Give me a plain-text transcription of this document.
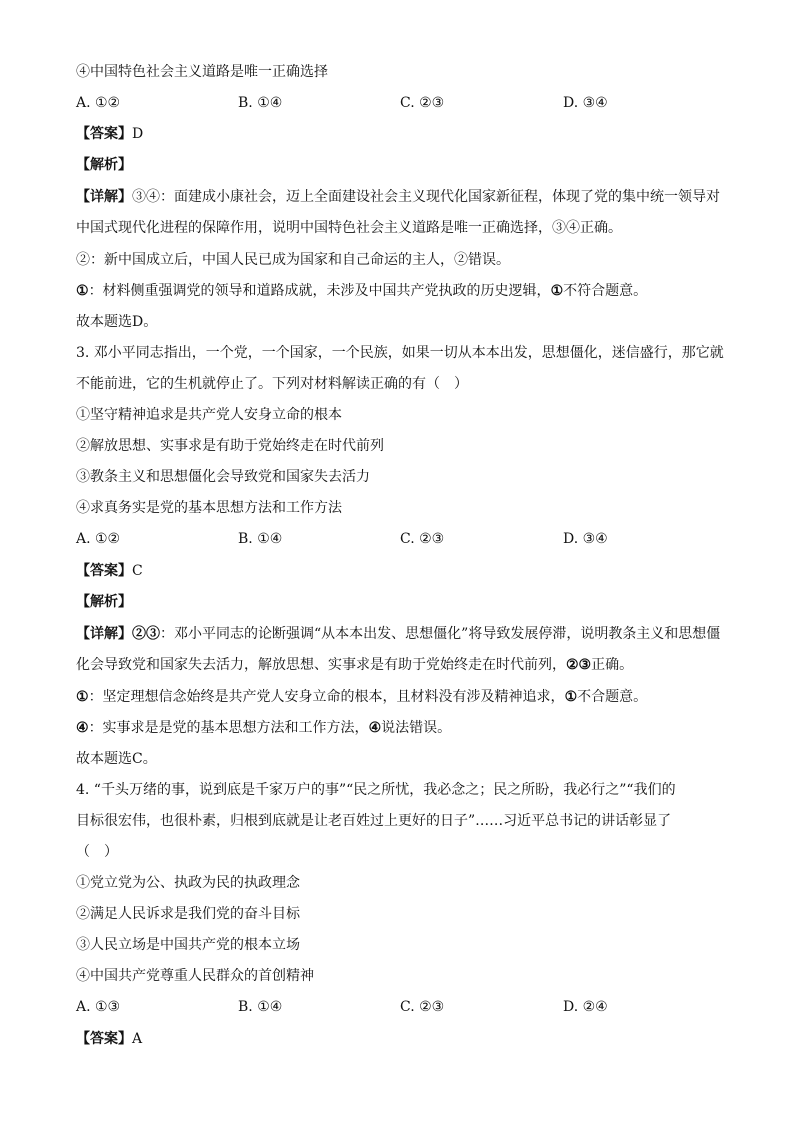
④中国特色社会主义道路是唯一正确选择
A. ①②	B. ①④	C. ②③	D. ③④
【答案】D
【解析】
【详解】③④：面建成小康社会，迈上全面建设社会主义现代化国家新征程，体现了党的集中统一领导对
中国式现代化进程的保障作用，说明中国特色社会主义道路是唯一正确选择，③④正确。
②：新中国成立后，中国人民已成为国家和自己命运的主人，②错误。
①：材料侧重强调党的领导和道路成就，未涉及中国共产党执政的历史逻辑，①不符合题意。
故本题选D。
3. 邓小平同志指出，一个党，一个国家，一个民族，如果一切从本本出发，思想僵化，迷信盛行，那它就
不能前进，它的生机就停止了。下列对材料解读正确的有（　）
①坚守精神追求是共产党人安身立命的根本
②解放思想、实事求是有助于党始终走在时代前列
③教条主义和思想僵化会导致党和国家失去活力
④求真务实是党的基本思想方法和工作方法
A. ①②	B. ①④	C. ②③	D. ③④
【答案】C
【解析】
【详解】②③：邓小平同志的论断强调“从本本出发、思想僵化”将导致发展停滞，说明教条主义和思想僵
化会导致党和国家失去活力，解放思想、实事求是有助于党始终走在时代前列，②③正确。
①：坚定理想信念始终是共产党人安身立命的根本，且材料没有涉及精神追求，①不合题意。
④：实事求是是党的基本思想方法和工作方法，④说法错误。
故本题选C。
4. “千头万绪的事，说到底是千家万户的事”“民之所忧，我必念之；民之所盼，我必行之”“我们的
目标很宏伟，也很朴素，归根到底就是让老百姓过上更好的日子”……习近平总书记的讲话彰显了
（　）
①党立党为公、执政为民的执政理念
②满足人民诉求是我们党的奋斗目标
③人民立场是中国共产党的根本立场
④中国共产党尊重人民群众的首创精神
A. ①③	B. ①④	C. ②③	D. ②④
【答案】A
